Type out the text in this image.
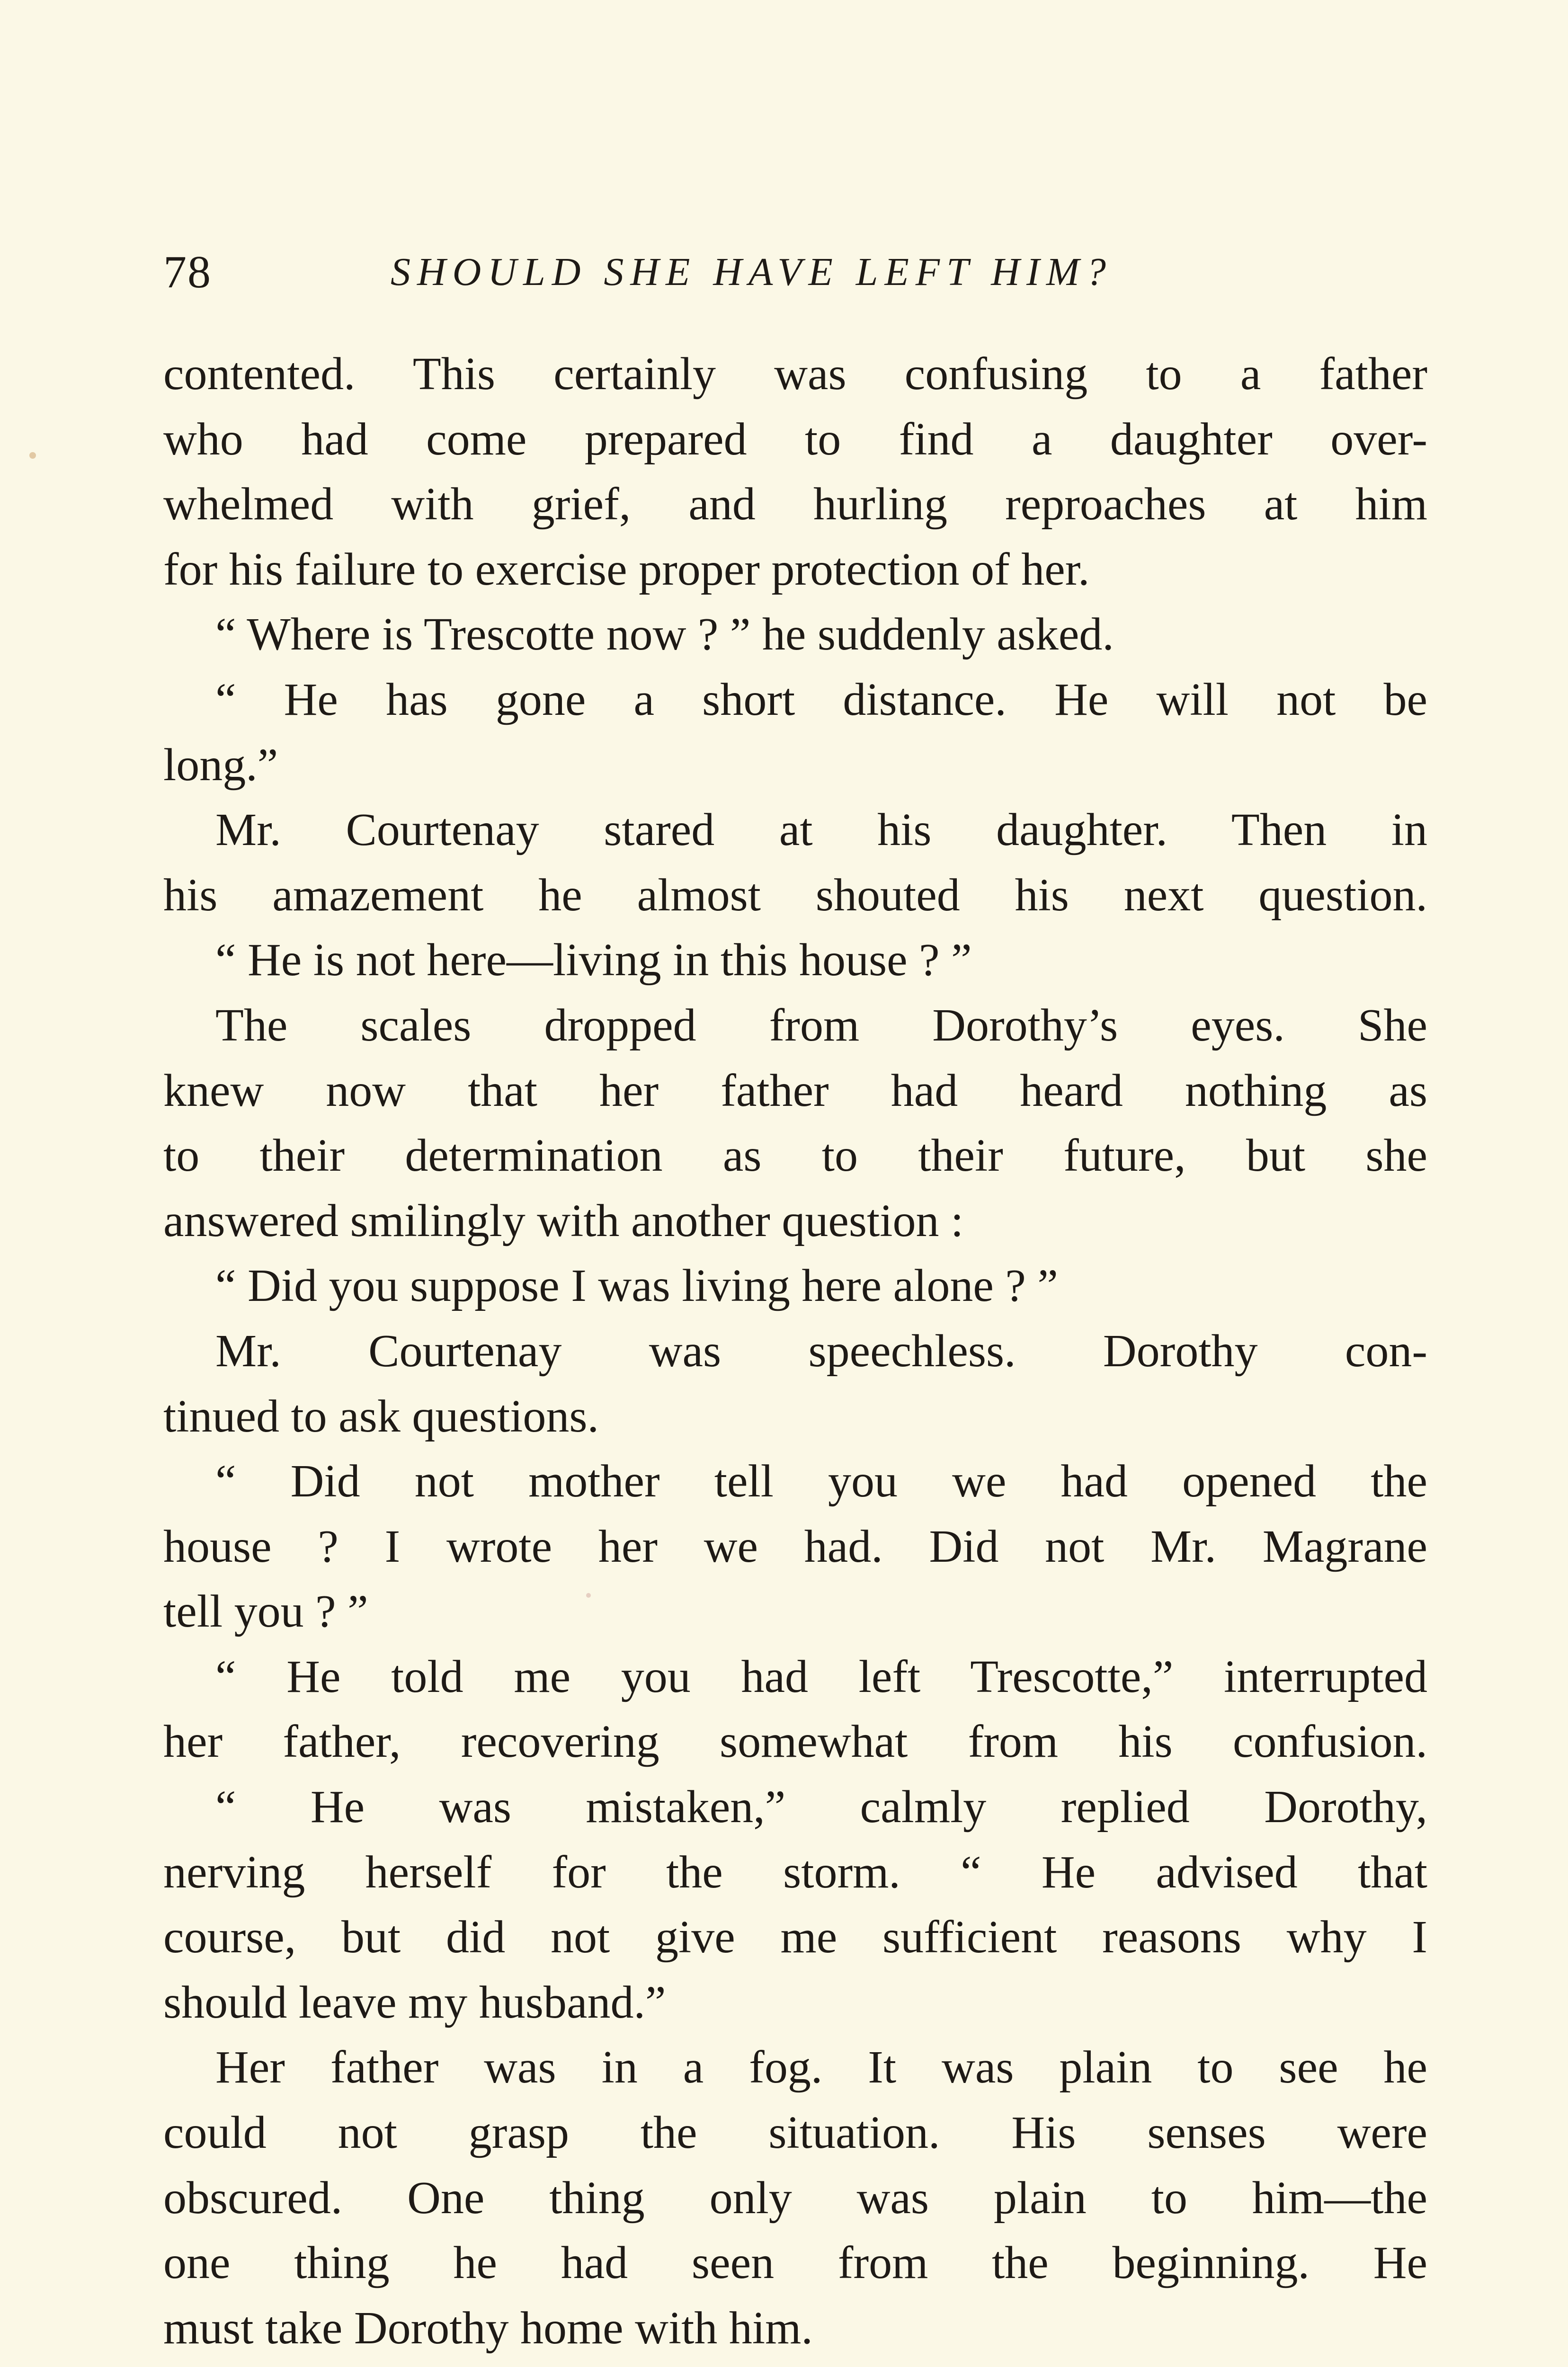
78	SHOULD SHE HAVE LEFT HIM?
contented. This certainly was confusing to a father
who had come prepared to find a daughter over-
whelmed with grief, and hurling reproaches at him
for his failure to exercise proper protection of her.
“ Where is Trescotte now ? ” he suddenly asked.
“ He has gone a short distance. He will not be
long.”
Mr. Courtenay stared at his daughter. Then in
his amazement he almost shouted his next question.
“ He is not here—living in this house ? ”
The scales dropped from Dorothy’s eyes. She
knew now that her father had heard nothing as
to their determination as to their future, but she
answered smilingly with another question :
“ Did you suppose I was living here alone ? ”
Mr. Courtenay was speechless. Dorothy con-
tinued to ask questions.
“ Did not mother tell you we had opened the
house ? I wrote her we had. Did not Mr. Magrane
tell you ? ”
“ He told me you had left Trescotte,” interrupted
her father, recovering somewhat from his confusion.
“ He was mistaken,” calmly replied Dorothy,
nerving herself for the storm. “ He advised that
course, but did not give me sufficient reasons why I
should leave my husband.”
Her father was in a fog. It was plain to see he
could not grasp the situation. His senses were
obscured. One thing only was plain to him—the
one thing he had seen from the beginning. He
must take Dorothy home with him.
